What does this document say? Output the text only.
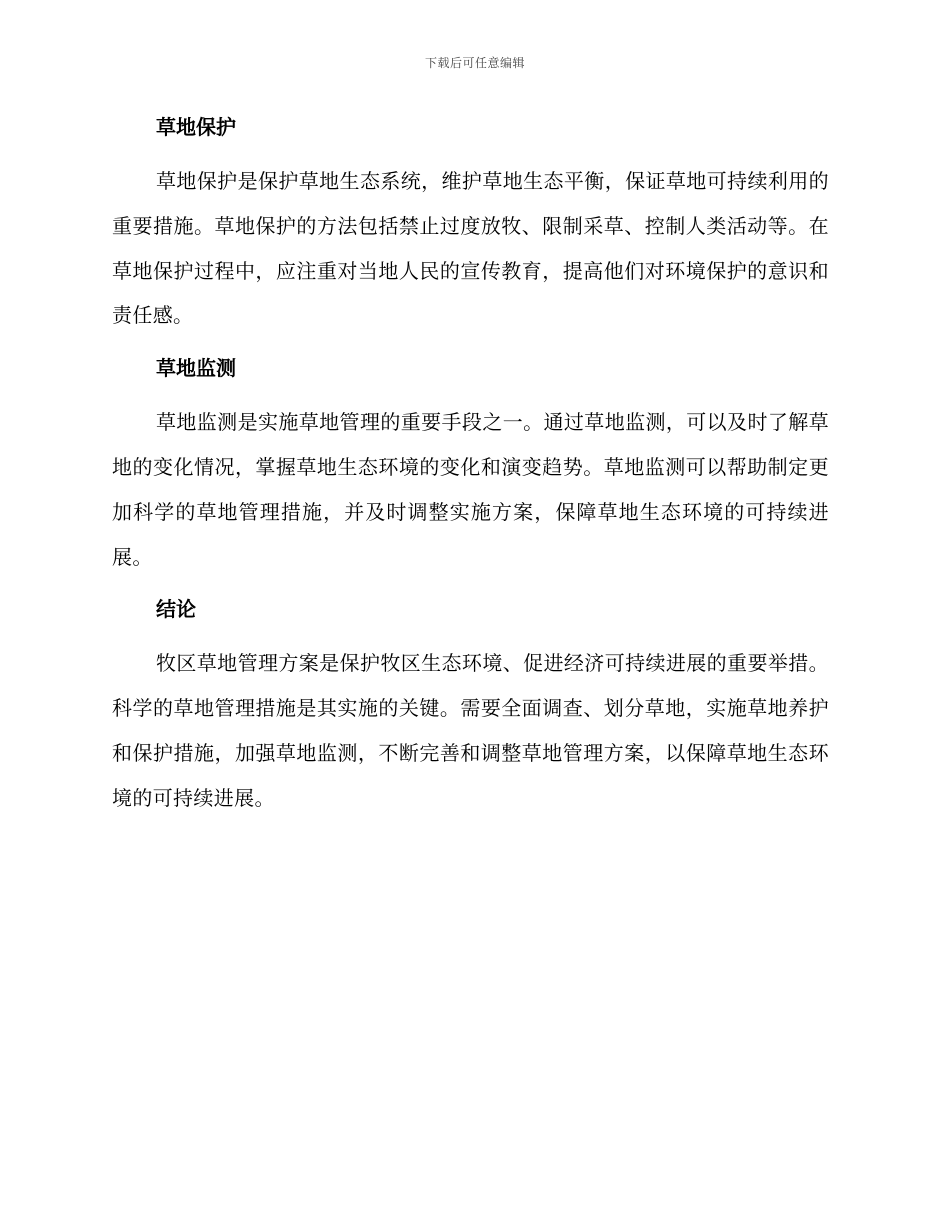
下载后可任意编辑
草地保护

草地保护是保护草地生态系统，维护草地生态平衡，保证草地可持续利用的重要措施。草地保护的方法包括禁止过度放牧、限制采草、控制人类活动等。在草地保护过程中，应注重对当地人民的宣传教育，提高他们对环境保护的意识和责任感。

草地监测

草地监测是实施草地管理的重要手段之一。通过草地监测，可以及时了解草地的变化情况，掌握草地生态环境的变化和演变趋势。草地监测可以帮助制定更加科学的草地管理措施，并及时调整实施方案，保障草地生态环境的可持续进展。

结论

牧区草地管理方案是保护牧区生态环境、促进经济可持续进展的重要举措。科学的草地管理措施是其实施的关键。需要全面调查、划分草地，实施草地养护和保护措施，加强草地监测，不断完善和调整草地管理方案，以保障草地生态环境的可持续进展。
